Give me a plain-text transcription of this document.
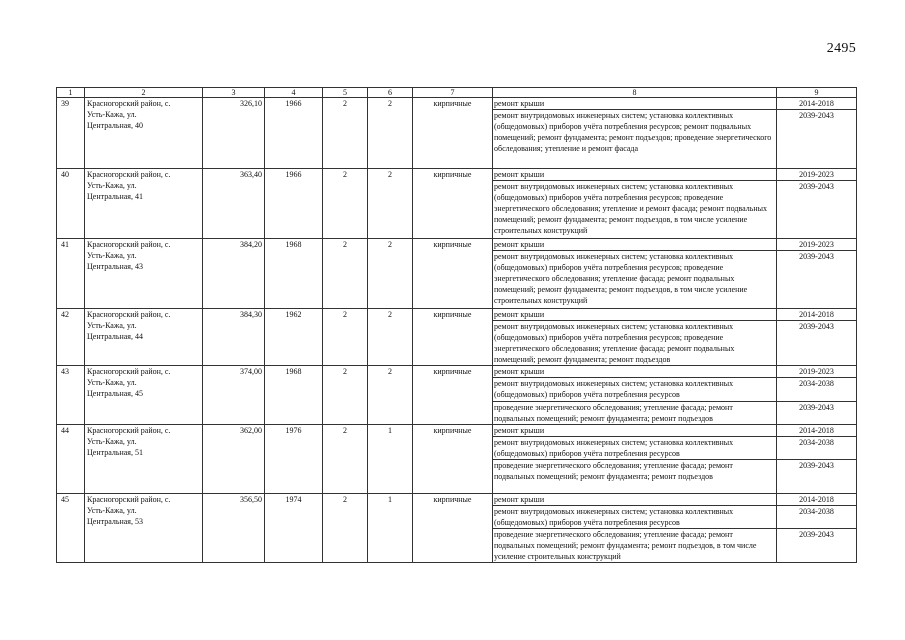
2495
1	2	3	4	5	6	7	8	9
39	Красногорский район, с.
Усть-Кажа, ул.
Центральная, 40	326,10	1966	2	2	кирпичные	ремонт крыши	2014-2018
							ремонт внутридомовых инженерных систем; установка коллективных (общедомовых) приборов учёта потребления ресурсов; ремонт подвальных помещений; ремонт фундамента; ремонт подъездов; проведение энергетического обследования; утепление и ремонт фасада	2039-2043
40	Красногорский район, с.
Усть-Кажа, ул.
Центральная, 41	363,40	1966	2	2	кирпичные	ремонт крыши	2019-2023
							ремонт внутридомовых инженерных систем; установка коллективных (общедомовых) приборов учёта потребления ресурсов; проведение энергетического обследования; утепление и ремонт фасада; ремонт подвальных помещений; ремонт фундамента; ремонт подъездов, в том числе усиление строительных конструкций	2039-2043
41	Красногорский район, с.
Усть-Кажа, ул.
Центральная, 43	384,20	1968	2	2	кирпичные	ремонт крыши	2019-2023
							ремонт внутридомовых инженерных систем; установка коллективных (общедомовых) приборов учёта потребления ресурсов; проведение энергетического обследования; утепление фасада; ремонт подвальных помещений; ремонт фундамента; ремонт подъездов, в том числе усиление строительных конструкций	2039-2043
42	Красногорский район, с.
Усть-Кажа, ул.
Центральная, 44	384,30	1962	2	2	кирпичные	ремонт крыши	2014-2018
							ремонт внутридомовых инженерных систем; установка коллективных (общедомовых) приборов учёта потребления ресурсов; проведение энергетического обследования; утепление фасада; ремонт подвальных помещений; ремонт фундамента; ремонт подъездов	2039-2043
43	Красногорский район, с.
Усть-Кажа, ул.
Центральная, 45	374,00	1968	2	2	кирпичные	ремонт крыши	2019-2023
							ремонт внутридомовых инженерных систем; установка коллективных (общедомовых) приборов учёта потребления ресурсов	2034-2038
							проведение энергетического обследования; утепление фасада; ремонт подвальных помещений; ремонт фундамента; ремонт подъездов	2039-2043
44	Красногорский район, с.
Усть-Кажа, ул.
Центральная, 51	362,00	1976	2	1	кирпичные	ремонт крыши	2014-2018
							ремонт внутридомовых инженерных систем; установка коллективных (общедомовых) приборов учёта потребления ресурсов	2034-2038
							проведение энергетического обследования; утепление фасада; ремонт подвальных помещений; ремонт фундамента; ремонт подъездов	2039-2043
45	Красногорский район, с.
Усть-Кажа, ул.
Центральная, 53	356,50	1974	2	1	кирпичные	ремонт крыши	2014-2018
							ремонт внутридомовых инженерных систем; установка коллективных (общедомовых) приборов учёта потребления ресурсов	2034-2038
							проведение энергетического обследования; утепление фасада; ремонт подвальных помещений; ремонт фундамента; ремонт подъездов, в том числе усиление строительных конструкций	2039-2043
